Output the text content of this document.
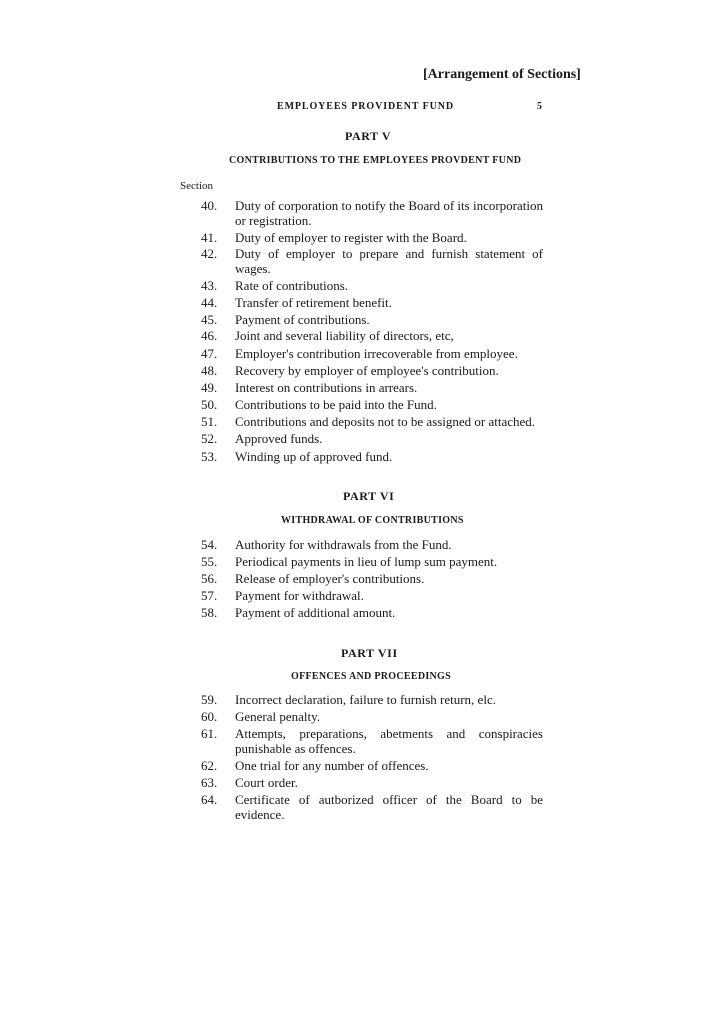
[Arrangement of Sections]
EMPLOYEES PROVIDENT FUND	5
PART V
CONTRIBUTIONS TO THE EMPLOYEES PROVDENT FUND
Section
40.	Duty of corporation to notify the Board of its incorporation or registration.
41.	Duty of employer to register with the Board.
42.	Duty of employer to prepare and furnish statement of wages.
43.	Rate of contributions.
44.	Transfer of retirement benefit.
45.	Payment of contributions.
46.	Joint and several liability of directors, etc,
47.	Employer's contribution irrecoverable from employee.
48.	Recovery by employer of employee's contribution.
49.	Interest on contributions in arrears.
50.	Contributions to be paid into the Fund.
51.	Contributions and deposits not to be assigned or attached.
52.	Approved funds.
53.	Winding up of approved fund.
PART VI
WITHDRAWAL OF CONTRIBUTIONS
54.	Authority for withdrawals from the Fund.
55.	Periodical payments in lieu of lump sum payment.
56.	Release of employer's contributions.
57.	Payment for withdrawal.
58.	Payment of additional amount.
PART VII
OFFENCES AND PROCEEDINGS
59.	Incorrect declaration, failure to furnish return, elc.
60.	General penalty.
61.	Attempts, preparations, abetments and conspiracies punishable as offences.
62.	One trial for any number of offences.
63.	Court order.
64.	Certificate of autborized officer of the Board to be evidence.
